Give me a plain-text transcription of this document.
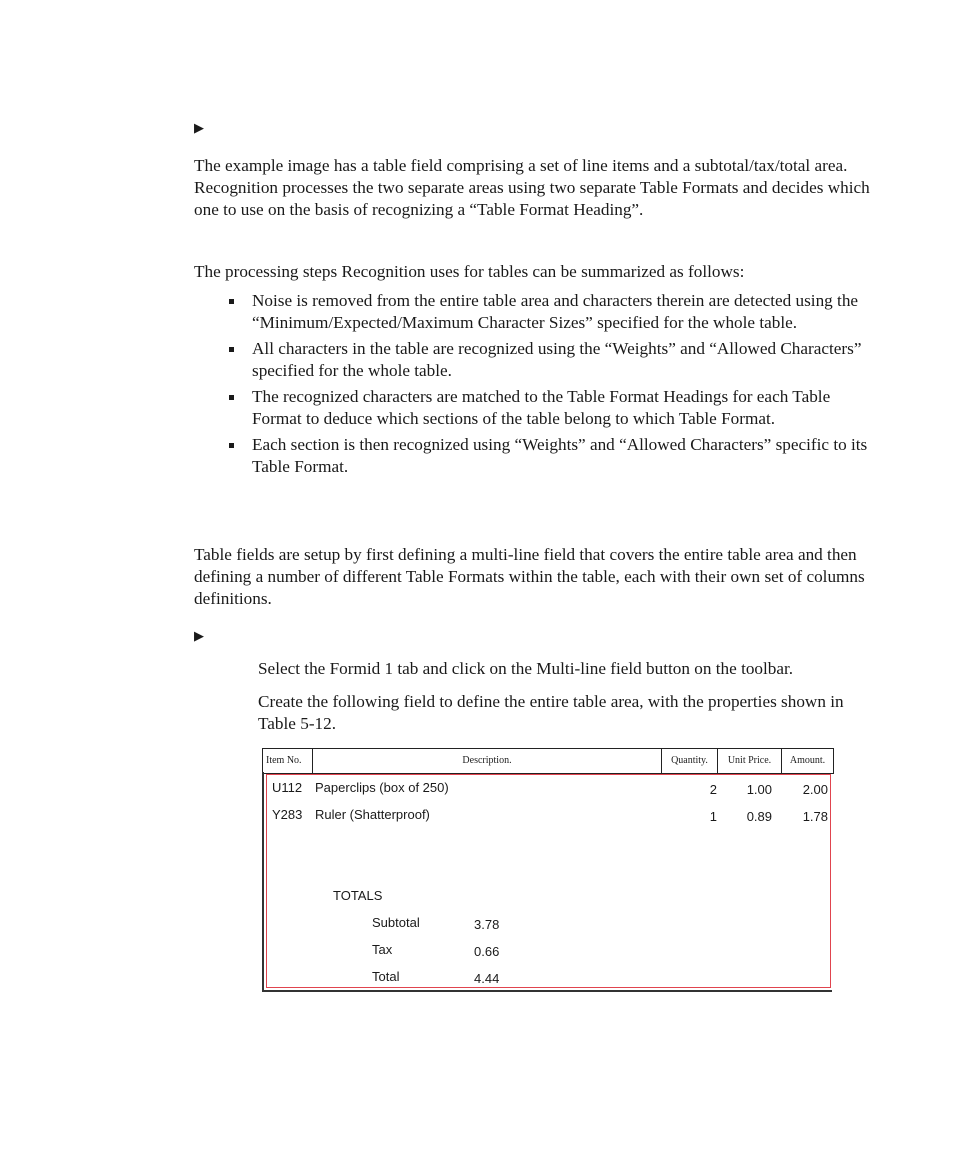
▶

The example image has a table field comprising a set of line items and a subtotal/tax/total area. Recognition processes the two separate areas using two separate Table Formats and decides which one to use on the basis of recognizing a “Table Format Heading”.

The processing steps Recognition uses for tables can be summarized as follows:

Noise is removed from the entire table area and characters therein are detected using the “Minimum/Expected/Maximum Character Sizes” specified for the whole table.
All characters in the table are recognized using the “Weights” and “Allowed Characters” specified for the whole table.
The recognized characters are matched to the Table Format Headings for each Table Format to deduce which sections of the table belong to which Table Format.
Each section is then recognized using “Weights” and “Allowed Characters” specific to its Table Format.

Table fields are setup by first defining a multi-line field that covers the entire table area and then defining a number of different Table Formats within the table, each with their own set of columns definitions.

▶

Select the Formid 1 tab and click on the Multi-line field button on the toolbar.

Create the following field to define the entire table area, with the properties shown in Table 5-12.

Item No.	Description.	Quantity.	Unit Price.	Amount.
U112 Paperclips (box of 250)	2	1.00	2.00
Y283 Ruler (Shatterproof)	1	0.89	1.78
TOTALS
Subtotal	3.78
Tax	0.66
Total	4.44
